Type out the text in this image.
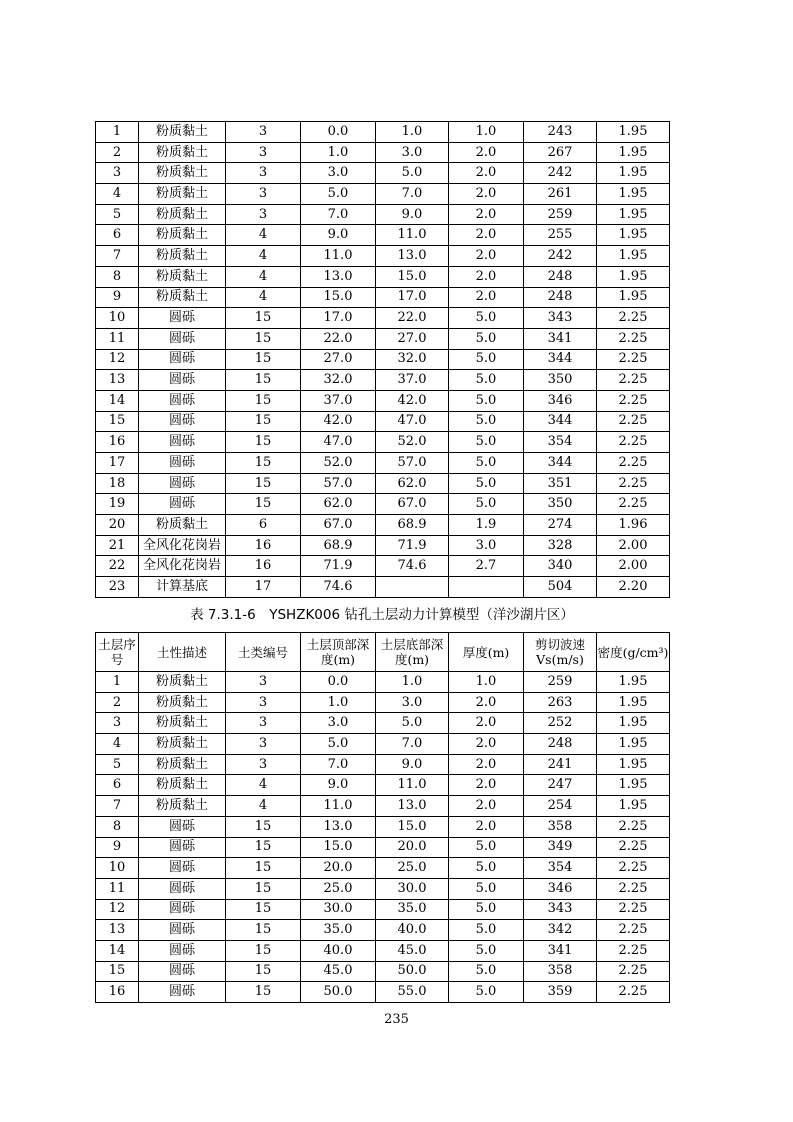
1	粉质黏土	3	0.0	1.0	1.0	243	1.95
2	粉质黏土	3	1.0	3.0	2.0	267	1.95
3	粉质黏土	3	3.0	5.0	2.0	242	1.95
4	粉质黏土	3	5.0	7.0	2.0	261	1.95
5	粉质黏土	3	7.0	9.0	2.0	259	1.95
6	粉质黏土	4	9.0	11.0	2.0	255	1.95
7	粉质黏土	4	11.0	13.0	2.0	242	1.95
8	粉质黏土	4	13.0	15.0	2.0	248	1.95
9	粉质黏土	4	15.0	17.0	2.0	248	1.95
10	圆砾	15	17.0	22.0	5.0	343	2.25
11	圆砾	15	22.0	27.0	5.0	341	2.25
12	圆砾	15	27.0	32.0	5.0	344	2.25
13	圆砾	15	32.0	37.0	5.0	350	2.25
14	圆砾	15	37.0	42.0	5.0	346	2.25
15	圆砾	15	42.0	47.0	5.0	344	2.25
16	圆砾	15	47.0	52.0	5.0	354	2.25
17	圆砾	15	52.0	57.0	5.0	344	2.25
18	圆砾	15	57.0	62.0	5.0	351	2.25
19	圆砾	15	62.0	67.0	5.0	350	2.25
20	粉质黏土	6	67.0	68.9	1.9	274	1.96
21	全风化花岗岩	16	68.9	71.9	3.0	328	2.00
22	全风化花岗岩	16	71.9	74.6	2.7	340	2.00
23	计算基底	17	74.6			504	2.20
表 7.3.1-6　YSHZK006 钻孔土层动力计算模型（洋沙湖片区）
土层序号	土性描述	土类编号	土层顶部深度(m)	土层底部深度(m)	厚度(m)	剪切波速Vs(m/s)	密度(g/cm³)
1	粉质黏土	3	0.0	1.0	1.0	259	1.95
2	粉质黏土	3	1.0	3.0	2.0	263	1.95
3	粉质黏土	3	3.0	5.0	2.0	252	1.95
4	粉质黏土	3	5.0	7.0	2.0	248	1.95
5	粉质黏土	3	7.0	9.0	2.0	241	1.95
6	粉质黏土	4	9.0	11.0	2.0	247	1.95
7	粉质黏土	4	11.0	13.0	2.0	254	1.95
8	圆砾	15	13.0	15.0	2.0	358	2.25
9	圆砾	15	15.0	20.0	5.0	349	2.25
10	圆砾	15	20.0	25.0	5.0	354	2.25
11	圆砾	15	25.0	30.0	5.0	346	2.25
12	圆砾	15	30.0	35.0	5.0	343	2.25
13	圆砾	15	35.0	40.0	5.0	342	2.25
14	圆砾	15	40.0	45.0	5.0	341	2.25
15	圆砾	15	45.0	50.0	5.0	358	2.25
16	圆砾	15	50.0	55.0	5.0	359	2.25
235
